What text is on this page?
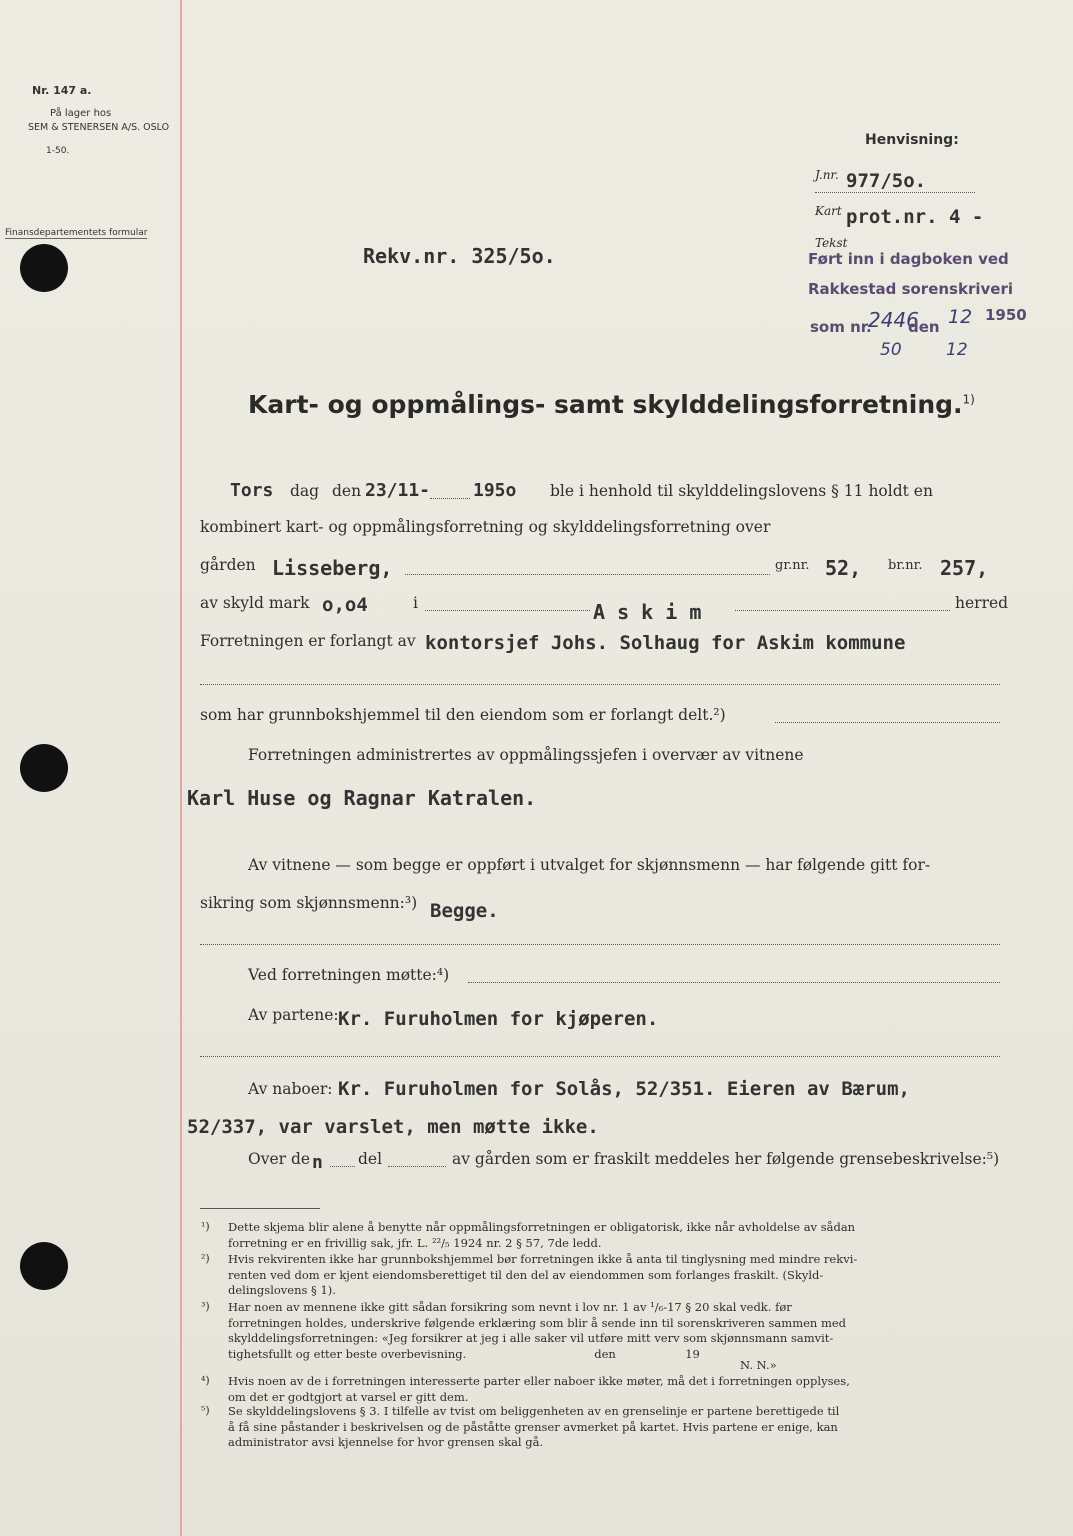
Nr. 147 a.
På lager hos
SEM & STENERSEN A/S. OSLO
1-50.
Finansdepartementets formular
Henvisning:
J.nr. 977/5o.
Kart prot.nr. 4 -
Tekst
Rekv.nr. 325/5o.	Ført inn i dagboken ved
Rakkestad sorenskriveri
som nr.
2446
den 12 1950
50	12
Kart- og oppmålings- samt skylddelingsforretning.$^{1)}$
Tors dag den 23/11- 195o ble i henhold til skylddelingslovens § 11 holdt en
kombinert kart- og oppmålingsforretning og skylddelingsforretning over
gården Lisseberg,	gr.nr. 52, br.nr. 257,
av skyld mark o,o4	i	A s k i m	herred
Forretningen er forlangt av kontorsjef Johs. Solhaug for Askim kommune
som har grunnbokshjemmel til den eiendom som er forlangt delt.²)
Forretningen administrertes av oppmålingssjefen i overvær av vitnene
Karl Huse og Ragnar Katralen.
Av vitnene — som begge er oppført i utvalget for skjønnsmenn — har følgende gitt for-
sikring som skjønnsmenn:³) Begge.
Ved forretningen møtte:⁴)
Av partene: Kr. Furuholmen for kjøperen.
Av naboer: Kr. Furuholmen for Solås, 52/351. Eieren av Bærum,
52/337, var varslet, men møtte ikke.
Over de n del	av gården som er fraskilt meddeles her følgende grensebeskrivelse:⁵)
¹) Dette skjema blir alene å benytte når oppmålingsforretningen er obligatorisk, ikke når avholdelse av sådan
forretning er en frivillig sak, jfr. L. ²²/₅ 1924 nr. 2 § 57, 7de ledd.
²) Hvis rekvirenten ikke har grunnbokshjemmel bør forretningen ikke å anta til tinglysning med mindre rekvi-
renten ved dom er kjent eiendomsberettiget til den del av eiendommen som forlanges fraskilt. (Skyld-
delingslovens § 1).
³) Har noen av mennene ikke gitt sådan forsikring som nevnt i lov nr. 1 av ¹/₆-17 § 20 skal vedk. før
forretningen holdes, underskrive følgende erklæring som blir å sende inn til sorenskriveren sammen med
skylddelingsforretningen: «Jeg forsikrer at jeg i alle saker vil utføre mitt verv som skjønnsmann samvit-
tighetsfullt og etter beste overbevisning.                                   den                   19
N. N.»
⁴) Hvis noen av de i forretningen interesserte parter eller naboer ikke møter, må det i forretningen opplyses,
om det er godtgjort at varsel er gitt dem.
⁵) Se skylddelingslovens § 3. I tilfelle av tvist om beliggenheten av en grenselinje er partene berettigede til
å få sine påstander i beskrivelsen og de påståtte grenser avmerket på kartet. Hvis partene er enige, kan
administrator avsi kjennelse for hvor grensen skal gå.
